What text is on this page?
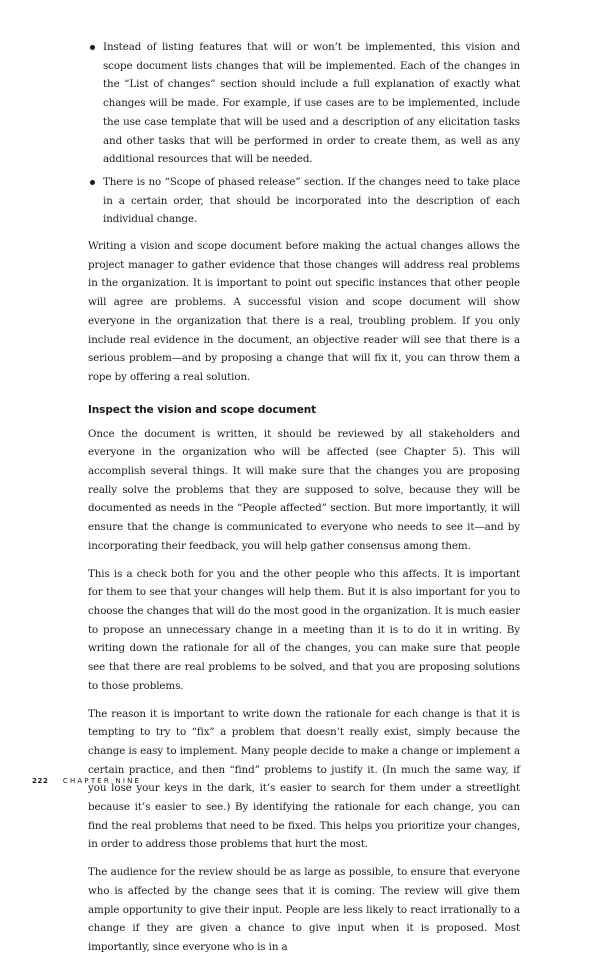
Instead of listing features that will or won’t be implemented, this vision and scope document lists changes that will be implemented. Each of the changes in the “List of changes” section should include a full explanation of exactly what changes will be made. For example, if use cases are to be implemented, include the use case template that will be used and a description of any elicitation tasks and other tasks that will be performed in order to create them, as well as any additional resources that will be needed.
There is no “Scope of phased release” section. If the changes need to take place in a certain order, that should be incorporated into the description of each individual change.

Writing a vision and scope document before making the actual changes allows the project manager to gather evidence that those changes will address real problems in the organization. It is important to point out specific instances that other people will agree are problems. A successful vision and scope document will show everyone in the organization that there is a real, troubling problem. If you only include real evidence in the document, an objective reader will see that there is a serious problem—and by proposing a change that will fix it, you can throw them a rope by offering a real solution.

Inspect the vision and scope document

Once the document is written, it should be reviewed by all stakeholders and everyone in the organization who will be affected (see Chapter 5). This will accomplish several things. It will make sure that the changes you are proposing really solve the problems that they are supposed to solve, because they will be documented as needs in the “People affected” section. But more importantly, it will ensure that the change is communicated to everyone who needs to see it—and by incorporating their feedback, you will help gather consensus among them.

This is a check both for you and the other people who this affects. It is important for them to see that your changes will help them. But it is also important for you to choose the changes that will do the most good in the organization. It is much easier to propose an unnecessary change in a meeting than it is to do it in writing. By writing down the rationale for all of the changes, you can make sure that people see that there are real problems to be solved, and that you are proposing solutions to those problems.

The reason it is important to write down the rationale for each change is that it is tempting to try to “fix” a problem that doesn’t really exist, simply because the change is easy to implement. Many people decide to make a change or implement a certain practice, and then “find” problems to justify it. (In much the same way, if you lose your keys in the dark, it’s easier to search for them under a streetlight because it’s easier to see.) By identifying the rationale for each change, you can find the real problems that need to be fixed. This helps you prioritize your changes, in order to address those problems that hurt the most.

The audience for the review should be as large as possible, to ensure that everyone who is affected by the change sees that it is coming. The review will give them ample opportunity to give their input. People are less likely to react irrationally to a change if they are given a chance to give input when it is proposed. Most importantly, since everyone who is in a

222 CHAPTER NINE
